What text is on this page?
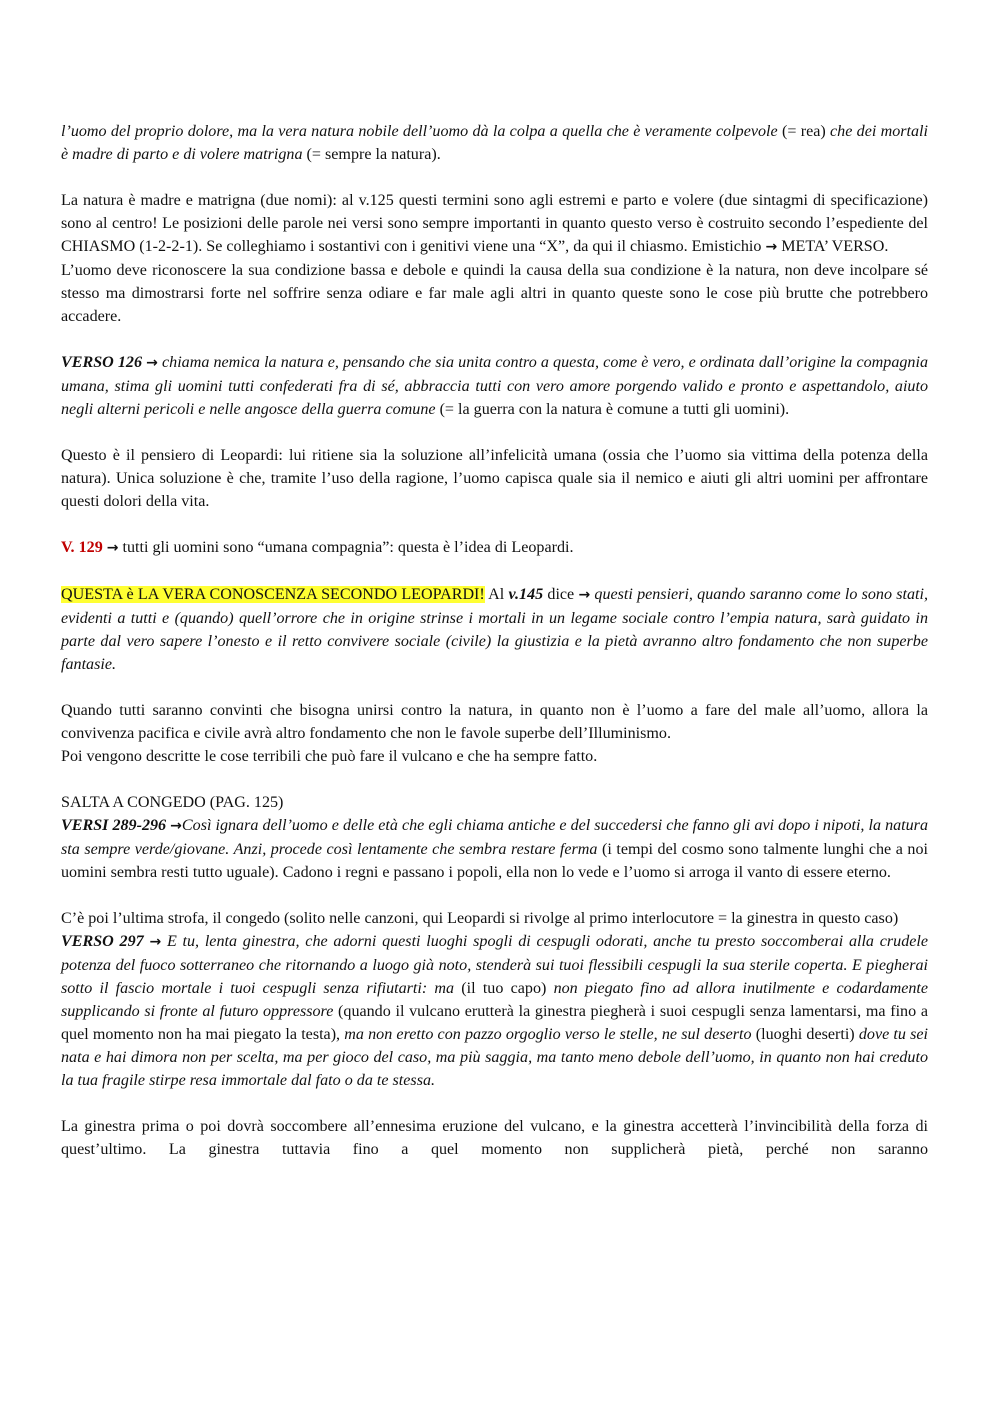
l’uomo del proprio dolore, ma la vera natura nobile dell’uomo dà la colpa a quella che è veramente colpevole (= rea) che dei mortali è madre di parto e di volere matrigna (= sempre la natura).

La natura è madre e matrigna (due nomi): al v.125 questi termini sono agli estremi e parto e volere (due sintagmi di specificazione) sono al centro! Le posizioni delle parole nei versi sono sempre importanti in quanto questo verso è costruito secondo l’espediente del CHIASMO (1-2-2-1). Se colleghiamo i sostantivi con i genitivi viene una “X”, da qui il chiasmo. Emistichio → META’ VERSO.

L’uomo deve riconoscere la sua condizione bassa e debole e quindi la causa della sua condizione è la natura, non deve incolpare sé stesso ma dimostrarsi forte nel soffrire senza odiare e far male agli altri in quanto queste sono le cose più brutte che potrebbero accadere.

VERSO 126 → chiama nemica la natura e, pensando che sia unita contro a questa, come è vero, e ordinata dall’origine la compagnia umana, stima gli uomini tutti confederati fra di sé, abbraccia tutti con vero amore porgendo valido e pronto e aspettandolo, aiuto negli alterni pericoli e nelle angosce della guerra comune (= la guerra con la natura è comune a tutti gli uomini).

Questo è il pensiero di Leopardi: lui ritiene sia la soluzione all’infelicità umana (ossia che l’uomo sia vittima della potenza della natura). Unica soluzione è che, tramite l’uso della ragione, l’uomo capisca quale sia il nemico e aiuti gli altri uomini per affrontare questi dolori della vita.

V. 129 → tutti gli uomini sono “umana compagnia”: questa è l’idea di Leopardi.

QUESTA è LA VERA CONOSCENZA SECONDO LEOPARDI! Al v.145 dice → questi pensieri, quando saranno come lo sono stati, evidenti a tutti e (quando) quell’orrore che in origine strinse i mortali in un legame sociale contro l’empia natura, sarà guidato in parte dal vero sapere l’onesto e il retto convivere sociale (civile) la giustizia e la pietà avranno altro fondamento che non superbe fantasie.

Quando tutti saranno convinti che bisogna unirsi contro la natura, in quanto non è l’uomo a fare del male all’uomo, allora la convivenza pacifica e civile avrà altro fondamento che non le favole superbe dell’Illuminismo.

Poi vengono descritte le cose terribili che può fare il vulcano e che ha sempre fatto.

SALTA A CONGEDO (PAG. 125)

VERSI 289-296 →Così ignara dell’uomo e delle età che egli chiama antiche e del succedersi che fanno gli avi dopo i nipoti, la natura sta sempre verde/giovane. Anzi, procede così lentamente che sembra restare ferma (i tempi del cosmo sono talmente lunghi che a noi uomini sembra resti tutto uguale). Cadono i regni e passano i popoli, ella non lo vede e l’uomo si arroga il vanto di essere eterno.

C’è poi l’ultima strofa, il congedo (solito nelle canzoni, qui Leopardi si rivolge al primo interlocutore = la ginestra in questo caso)

VERSO 297 → E tu, lenta ginestra, che adorni questi luoghi spogli di cespugli odorati, anche tu presto soccomberai alla crudele potenza del fuoco sotterraneo che ritornando a luogo già noto, stenderà sui tuoi flessibili cespugli la sua sterile coperta. E piegherai sotto il fascio mortale i tuoi cespugli senza rifiutarti: ma (il tuo capo) non piegato fino ad allora inutilmente e codardamente supplicando si fronte al futuro oppressore (quando il vulcano erutterà la ginestra piegherà i suoi cespugli senza lamentarsi, ma fino a quel momento non ha mai piegato la testa), ma non eretto con pazzo orgoglio verso le stelle, ne sul deserto (luoghi deserti) dove tu sei nata e hai dimora non per scelta, ma per gioco del caso, ma più saggia, ma tanto meno debole dell’uomo, in quanto non hai creduto la tua fragile stirpe resa immortale dal fato o da te stessa.

La ginestra prima o poi dovrà soccombere all’ennesima eruzione del vulcano, e la ginestra accetterà l’invincibilità della forza di quest’ultimo. La ginestra tuttavia fino a quel momento non supplicherà pietà, perché non saranno
